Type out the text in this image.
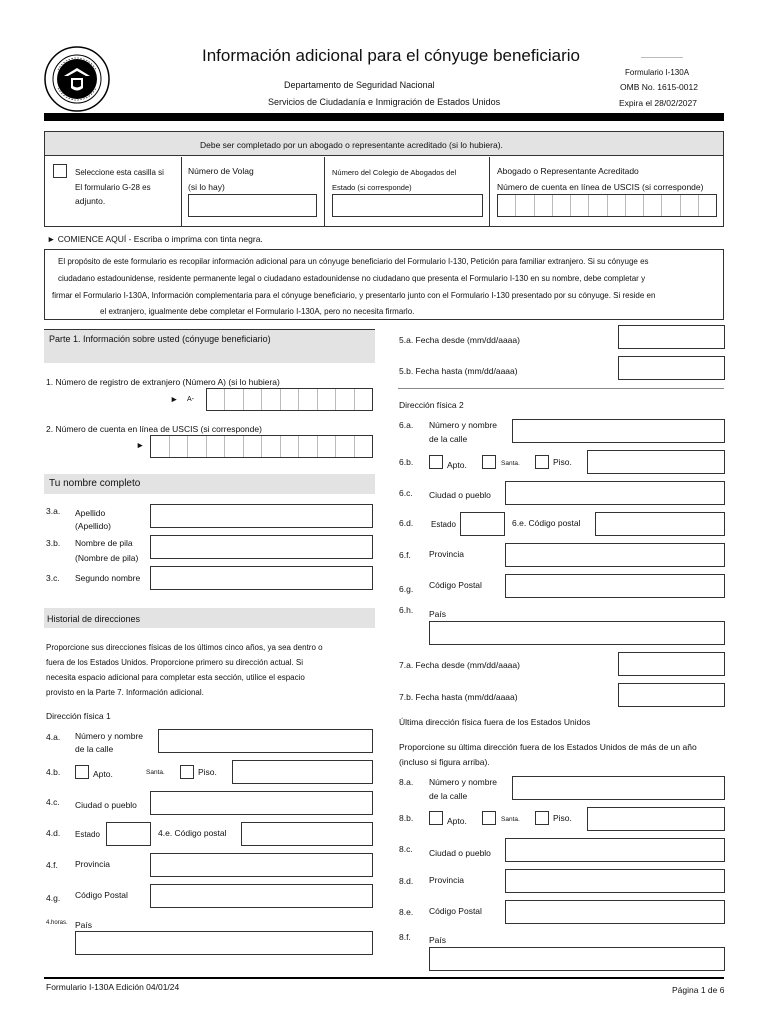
Información adicional para el cónyuge beneficiario
Departamento de Seguridad Nacional
Servicios de Ciudadanía e Inmigración de Estados Unidos
Formulario I-130A
OMB No. 1615-0012
Expira el 28/02/2027
Debe ser completado por un abogado o representante acreditado (si lo hubiera).
Seleccione esta casilla si
El formulario G-28 es
adjunto.
Número de Volag
(si lo hay)
Número del Colegio de Abogados del
Estado (si corresponde)
Abogado o Representante Acreditado
Número de cuenta en línea de USCIS (si corresponde)
► COMIENCE AQUÍ - Escriba o imprima con tinta negra.
El propósito de este formulario es recopilar información adicional para un cónyuge beneficiario del Formulario I-130, Petición para familiar extranjero. Si su cónyuge es
ciudadano estadounidense, residente permanente legal o ciudadano estadounidense no ciudadano que presenta el Formulario I-130 en su nombre, debe completar y
firmar el Formulario I-130A, Información complementaria para el cónyuge beneficiario, y presentarlo junto con el Formulario I-130 presentado por su cónyuge. Si reside en
el extranjero, igualmente debe completar el Formulario I-130A, pero no necesita firmarlo.
Parte 1. Información sobre usted (cónyuge beneficiario)
1. Número de registro de extranjero (Número A) (si lo hubiera)
► A-
2. Número de cuenta en línea de USCIS (si corresponde)
►
Tu nombre completo
3.a. Apellido
(Apellido)
3.b. Nombre de pila
(Nombre de pila)
3.c. Segundo nombre
Historial de direcciones
Proporcione sus direcciones físicas de los últimos cinco años, ya sea dentro o
fuera de los Estados Unidos. Proporcione primero su dirección actual. Si
necesita espacio adicional para completar esta sección, utilice el espacio
provisto en la Parte 7. Información adicional.
Dirección física 1
4.a. Número y nombre
de la calle
4.b.	Apto.	Santa.	Piso.
4.c. Ciudad o pueblo
4.d. Estado	4.e. Código postal
4.f. Provincia
4.g. Código Postal
4.horas. País
5.a. Fecha desde (mm/dd/aaaa)
5.b. Fecha hasta (mm/dd/aaaa)
Dirección física 2
6.a. Número y nombre
de la calle
6.b.	Apto.	Santa.	Piso.
6.c. Ciudad o pueblo
6.d. Estado	6.e. Código postal
6.f. Provincia
6.g. Código Postal
6.h. País
7.a. Fecha desde (mm/dd/aaaa)
7.b. Fecha hasta (mm/dd/aaaa)
Última dirección física fuera de los Estados Unidos
Proporcione su última dirección fuera de los Estados Unidos de más de un año
(incluso si figura arriba).
8.a. Número y nombre
de la calle
8.b.	Apto.	Santa.	Piso.
8.c. Ciudad o pueblo
8.d. Provincia
8.e. Código Postal
8.f. País
Formulario I-130A Edición 04/01/24	Página 1 de 6
